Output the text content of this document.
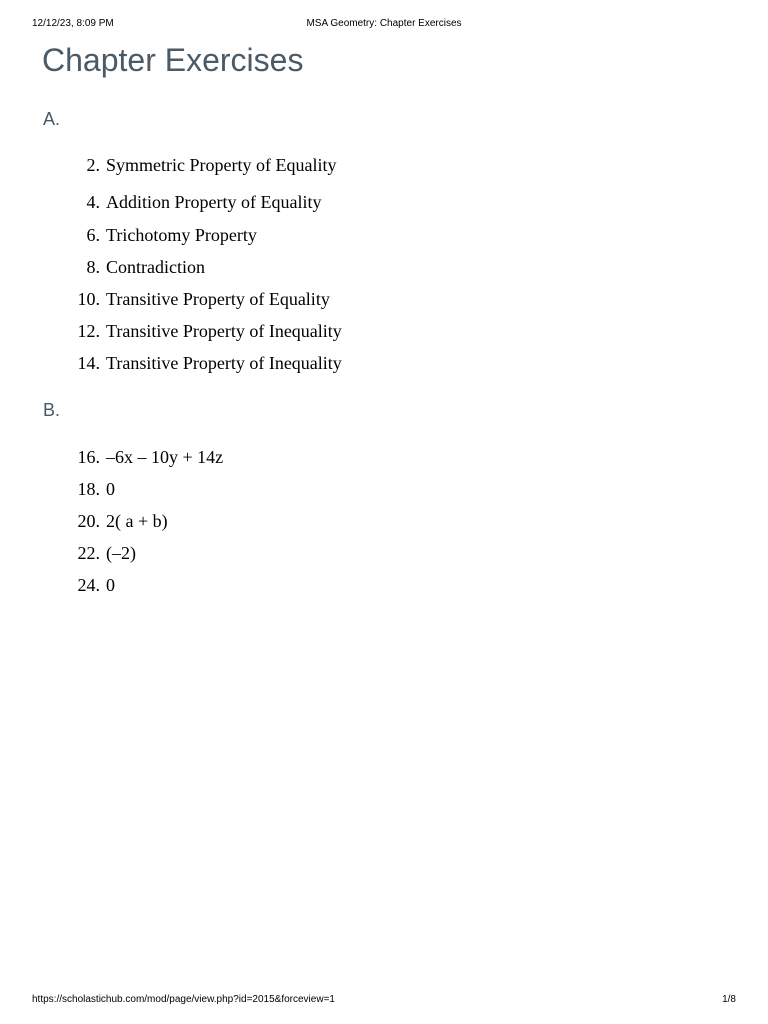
12/12/23, 8:09 PM	MSA Geometry: Chapter Exercises
Chapter Exercises
A.
2. Symmetric Property of Equality
4. Addition Property of Equality
6. Trichotomy Property
8. Contradiction
10. Transitive Property of Equality
12. Transitive Property of Inequality
14. Transitive Property of Inequality
B.
16. –6x – 10y + 14z
18. 0
20. 2( a + b)
22. (–2)
24. 0
https://scholastichub.com/mod/page/view.php?id=2015&forceview=1	1/8
